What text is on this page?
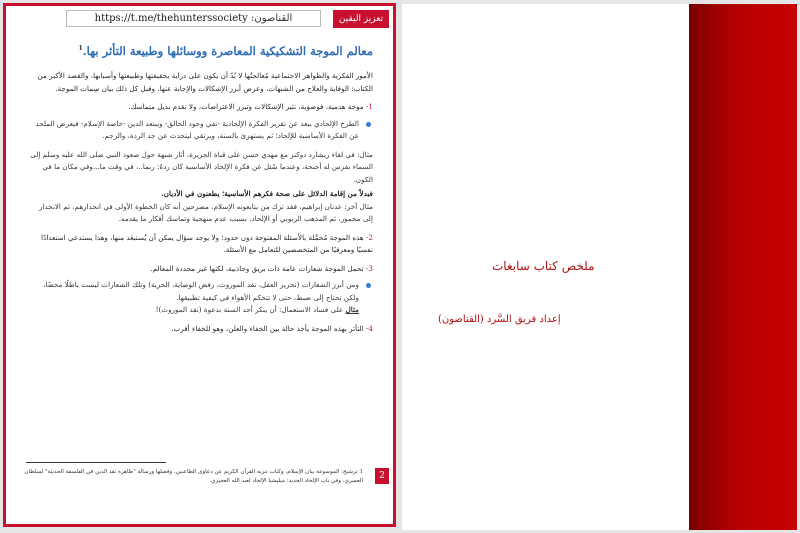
تعزيز اليقين
القناصون: https://t.me/thehunterssociety
معالم الموجة التشكيكية المعاصرة ووسائلها وطبيعة التأثر بها.$^1$

الأمور الفكرية والظواهر الاجتماعية مُعالجتُها لا بُدّ أن يكون على دراية بحقيقتها وطبيعتها وأسبابها، والقصد الأكبر من الكتاب: الوقاية والعلاج من الشبهات، وعرض أبرز الإشكالات والإجابة عنها. وقبل كل ذلك بيان سِمات الموجة.

1- موجة هدمية، فوضوية، تثير الإشكالات وتبرز الاعتراضات، ولا تقدم بديل متماسك.

الطرح الإلحادي يبعد عن تقرير الفكرة الإلحادية -نفي وجود الخالق- ويبتعد الدين -خاصة الإسلام- فيعرض الملحد عن الفكرة الأساسية للإلحاد؛ ثم يستهزئ بالسنة، ويرتقي ليتحدث عن حد الردة، والرجم.

مثال: في لقاء ريشارد دوكنز مع مهدي حسن على قناة الجزيرة، أثار شبهة حول صعود النبي صلى الله عليه وسلم إلى السماء بفرس له أجنحة، وعندما سُئل عن فكرة الإلحاد الأساسية كان ردهُ: ربما..، في وقت ما...وفي مكان ما في الكون.

فبدلاً من إقامة الدلائل على صحة فكرهم الأساسية؛ يطعنون في الأديان.

مثال آخر: عدنان إبراهيم، فقد ترك من يتابعونه الإسلام، مصرحين أنه كان الخطوة الأولى في انحدارهم، ثم الانحدار إلى محمور، ثم المذهب الربوبي أو الإلحاد، بسبب عدم منهجية وتماسك أفكار ما يقدمه.

2- هذه الموجة مُحمَّلة بالأسئلة المفتوحة دون حدود؛ ولا يوجد سؤال يمكن أن يُستبعَد منها، وهذا يستدعي استعدادًا نفسيًا ومعرفيًا من المتخصصين للتعامل مع الأسئلة.

3- تحمل الموجة شعارات عامة ذات بريق وجاذبية، لكنها غير محددة المعالم.

ومن أبرز الشعارات (تحرير العقل، نقد الموروث، رفض الوصاية، الحرية) وتلك الشعارات ليست باطلًا محضًا، ولكن تحتاج إلى ضبط، حتى لا تتحكم الأهواء في كيفية تطبيقها.

مثال على فساد الاستعمال: أن ينكر أحد السنة بدعوة (نقد الموروث)!

4- التأثر بهذه الموجة يأخذ حالة بين الخفاء والعلن، وهو للخفاء أقرب.

1 ترشيح: الموسوعة بيان الإسلام، وكتاب تنزيه القرآن الكريم عن دعاوى الطاعنين، وفصلها ورسالة "ظاهرة نقد الدين في الفلسفة الحديثة" لسلطان العميري، وفي باب الإلحاد الجديد: ميليشيا الإلحاد لعبد الله العجيري.	2
ملخص كتاب سابغات
إعداد فريق السَّرد (القناصون)
